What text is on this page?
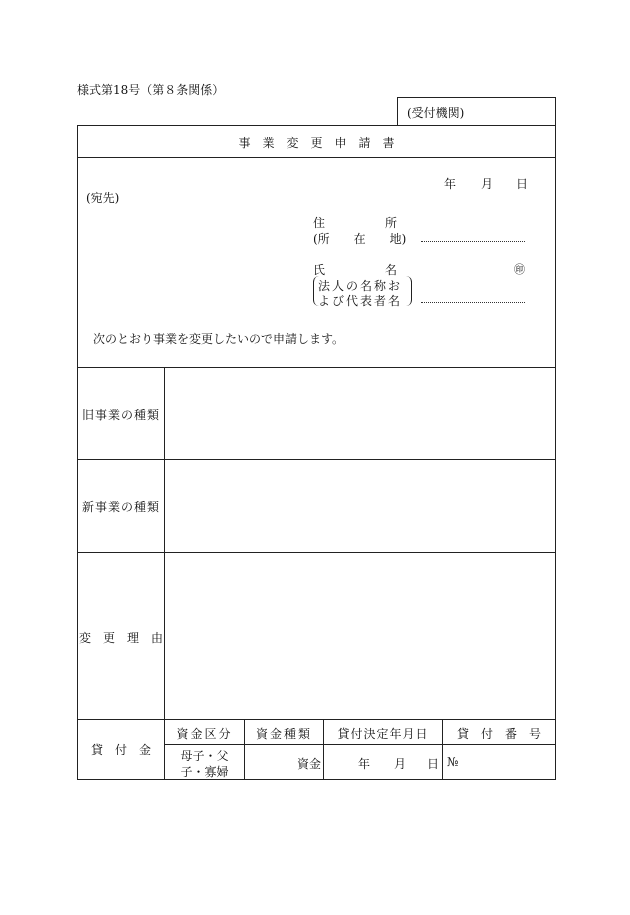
様式第18号（第８条関係）
(受付機関)
事　業　変　更　申　請　書
年 月 日
(宛先)
住　　　　　所
(所　　在　　地)
氏　　　　　名	㊞
法人の名称お
よび代表者名
次のとおり事業を変更したいので申請します。
旧事業の種類
新事業の種類
変　更　理　由
貸　付　金
資金区分	資金種類	貸付決定年月日	貸　付　番　号
母子・父
子・寡婦
資金	年 月 日 №
